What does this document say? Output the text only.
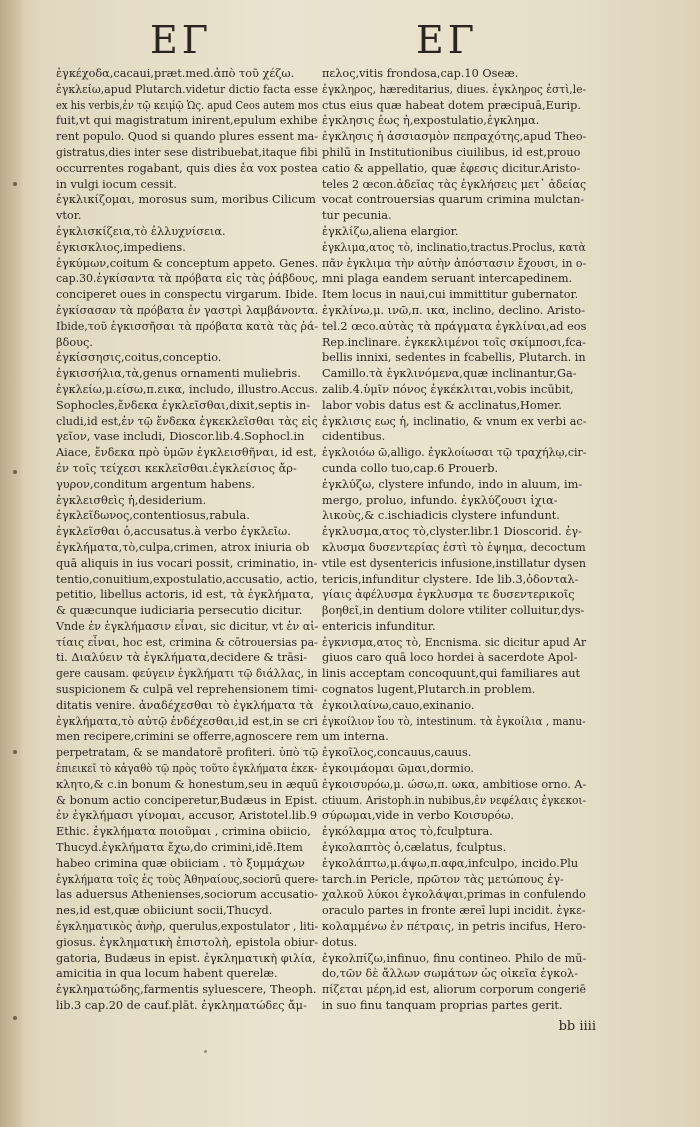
ΕΓ	ΕΓ
ἐγκέχοδα,cacaui,præt.med.ἀπὸ τοῦ χέζω.
ἐγκλείω,apud Plutarch.videtur dictio facta esse
ex his verbis,ἐν τῷ κειμ́ῷ Ὡς. apud Ceos autem mos
fuit,vt qui magistratum inirent,epulum exhibe
rent populo. Quod si quando plures essent ma-
gistratus,dies inter sese distribuebat,itaque fibi
occurrentes rogabant, quis dies ἐα vox postea
in vulgi iocum cessit.
ἐγκλικίζομαι, morosus sum, moribus Cilicum
vtor.
ἐγκλισκίζεια,τὸ ἐλλυχνίσεια.
ἐγκισκλιος,impediens.
ἐγκύμων,coitum & conceptum appeto. Genes.
cap.30.ἐγκίσαντα τὰ πρόβατα εἰς τὰς ῥάβδους,
conciperet oues in conspectu virgarum. Ibide.
ἐγκίσασαν τὰ πρόβατα ἐν γαστρὶ λαμβάνοντα.
Ibide,τοῦ ἐγκισσῆσαι τὰ πρόβατα κατὰ τὰς ῥά-
βδους.
ἐγκίσσησις,coitus,conceptio.
ἐγκισσήλια,τὰ,genus ornamenti muliebris.
ἐγκλείω,μ.είσω,π.εικα, includo, illustro.Accus.
Sophocles,ἔνδεκα ἐγκλεῖσθαι,dixit,septis in-
cludi,id est,ἐν τῷ ἔνδεκα ἐγκεκλεῖσθαι τὰς εἰς
γεῖον, vase includi, Dioscor.lib.4.Sophocl.in
Aiace, ἔνδεκα πρὸ ὑμῶν ἐγκλεισθῆναι, id est,
ἐν τοῖς τείχεσι κεκλεῖσθαι.ἐγκλείσιος ἄρ-
γυρον,conditum argentum habens.
ἐγκλεισθεὶς ἡ,desiderium.
ἐγκλεῖδωνος,contentiosus,rabula.
ἐγκλεῖσθαι ὁ,accusatus.à verbo ἐγκλεῖω.
ἐγκλήματα,τὸ,culpa,crimen, atrox iniuria ob
quā aliquis in ius vocari possit, criminatio, in-
tentio,conuitium,expostulatio,accusatio, actio,
petitio, libellus actoris, id est, τὰ ἐγκλήματα,
& quæcunque iudiciaria persecutio dicitur.
Vnde ἐν ἐγκλήμασιν εἶναι, sic dicitur, vt ἐν αἰ-
τίαις εἶναι, hoc est, crimina & cōtrouersias pa-
ti. Διαλύειν τὰ ἐγκλήματα,decidere & trāsi-
gere causam. φεύγειν ἐγκλήματι τῷ διάλλας, in
suspicionem & culpā vel reprehensionem timi-
ditatis venire. ἀναδέχεσθαι τὸ ἐγκλήματα τὰ
ἐγκλήματα,τὸ αὐτῷ ἐνδέχεσθαι,id est,in se cri
men recipere,crimini se offerre,agnoscere rem
perpetratam, & se mandatorē profiteri. ὑπὸ τῷ
ἐπιεικεῖ τὸ κἀγαθὸ τῷ πρὸς τοῦτο ἐγκλήματα ἐκεκ-
κλητο,& c.in bonum & honestum,seu in æquū
& bonum actio conciperetur,Budæus in Epist.
ἐν ἐγκλήμασι γίνομαι, accusor, Aristotel.lib.9
Ethic. ἐγκλήματα ποιοῦμαι , crimina obiicio,
Thucyd.ἐγκλήματα ἔχω,do crimini,idē.Item
habeo crimina quæ obiiciam . τὸ ξυμμάχων
ἐγκλήματα τοῖς ἐς τοὺς Ἀθηναίους,sociorū quere-
las aduersus Athenienses,sociorum accusatio-
nes,id est,quæ obiiciunt socii,Thucyd.
ἐγκληματικὸς ἀνὴρ, querulus,expostulator , liti-
giosus. ἐγκληματικὴ ἐπιστολὴ, epistola obiur-
gatoria, Budæus in epist. ἐγκληματικὴ φιλία,
amicitia in qua locum habent querelæ.
ἐγκληματώδης,farmentis syluescere, Theoph.
lib.3 cap.20 de cauf.plāt. ἐγκληματώδες ἄμ-
πελος,vitis frondosa,cap.10 Oseæ.
ἐγκληρος, hæreditarius, diues. ἐγκληρος ἐστὶ,le-
ctus eius quæ habeat dotem præcipuā,Eurip.
ἐγκλησις ἐως ἡ,expostulatio,ἐγκλημα.
ἐγκλησις ἡ ἀσσιασμὸν πεπραχότης,apud Theo-
philū in Institutionibus ciuilibus, id est,prouo
catio & appellatio, quæ ἐφεσις dicitur.Aristo-
teles 2 œcon.ἀδεῖας τὰς ἐγκλήσεις μετ᾽ ἀδείας
vocat controuersias quarum crimina mulctan-
tur pecunia.
ἐγκλίζω,alienа elargior.
ἐγκλιμα,ατος τὸ, inclinatio,tractus.Proclus, κατὰ
πᾶν ἐγκλιμα τὴν αὐτὴν ἀπόστασιν ἔχουσι, in o-
mni plaga eandem seruant intercapedinem.
Item locus in naui,cui immittitur gubernator.
ἐγκλίνω,μ. ινῶ,π. ικα, inclino, declino. Aristo-
tel.2 œco.αὐτὰς τὰ πράγματα ἐγκλίναι,ad eos
Rep.inclinare. ἐγκεκλιμένοι τοῖς σκίμποσι,fca-
bellis innixi, sedentes in fcabellis, Plutarch. in
Camillo.τὰ ἐγκλινόμενα,quæ inclinantur,Ga-
zalib.4.ὑμῖν πόνος ἐγκέκλιται,vobis incūbit,
labor vobis datus est & acclinatus,Homer.
ἐγκλισις εως ἡ, inclinatio, & vnum ex verbi ac-
cidentibus.
ἐγκλοιόω ῶ,alligo. ἐγκλοίωσαι τῷ τραχήλῳ,cir-
cunda collo tuo,cap.6 Prouerb.
ἐγκλύζω, clystere infundo, indo in aluum, im-
mergo, proluo, infundo. ἐγκλύζουσι ἰχια-
λικοὺς,& c.ischiadicis clystere infundunt.
ἐγκλυσμα,ατος τὸ,clyster.libr.1 Dioscorid. ἐγ-
κλυσμα δυσεντερίας ἐστὶ τὸ ἑψημα, decoctum
vtile est dysentericis infusione,instillatur dysen
tericis,infunditur clystere. Ide lib.3,ὀδονταλ-
γίαις ἀφέλυσμα ἐγκλυσμα τε δυσεντερικοῖς
βοηθεῖ,in dentium dolore vtiliter colluitur,dys-
entericis infunditur.
ἐγκνισμα,ατος τὸ, Encnisma. sic dicitur apud Ar
giuos caro quā loco hordei à sacerdote Apol-
linis acceptam concoquunt,qui familiares aut
cognatos lugent,Plutarch.in problem.
ἐγκοιλαίνω,cauo,exinanio.
ἐγκοίλιον ἴου τὸ, intestinum. τὰ ἐγκοίλια , manu-
um interna.
ἐγκοῖλος,concauus,cauus.
ἐγκοιμάομαι ῶμαι,dormio.
ἐγκοισυρόω,μ. ώσω,π. ωκα, ambitiose orno. A-
ctiuum. Aristoph.in nubibus,ἐν νεφέλαις ἐγκεκοι-
σύρωμαι,vide in verbo Κοισυρόω.
ἐγκόλαμμα ατος τὸ,fculptura.
ἐγκολαπτὸς ὁ,cælatus, fculptus.
ἐγκολάπτω,μ.άψω,π.αφα,infculpo, incido.Plu
tarch.in Pericle, πρῶτον τὰς μετώπους ἐγ-
χαλκοῦ λύκοι ἐγκολάψαι,primas in confulendo
oraculo partes in fronte æreī lupi incidit. ἐγκε-
κολαμμένω ἐν πέτραις, in petris incifus, Hero-
dotus.
ἐγκολπίζω,infinuo, finu contineo. Philo de mū-
do,τῶν δὲ ἄλλων σωμάτων ὡς οἰκεῖα ἐγκολ-
πίζεται μέρη,id est, aliorum corporum congeriē
in suo finu tanquam proprias partes gerit.
bb iiii
